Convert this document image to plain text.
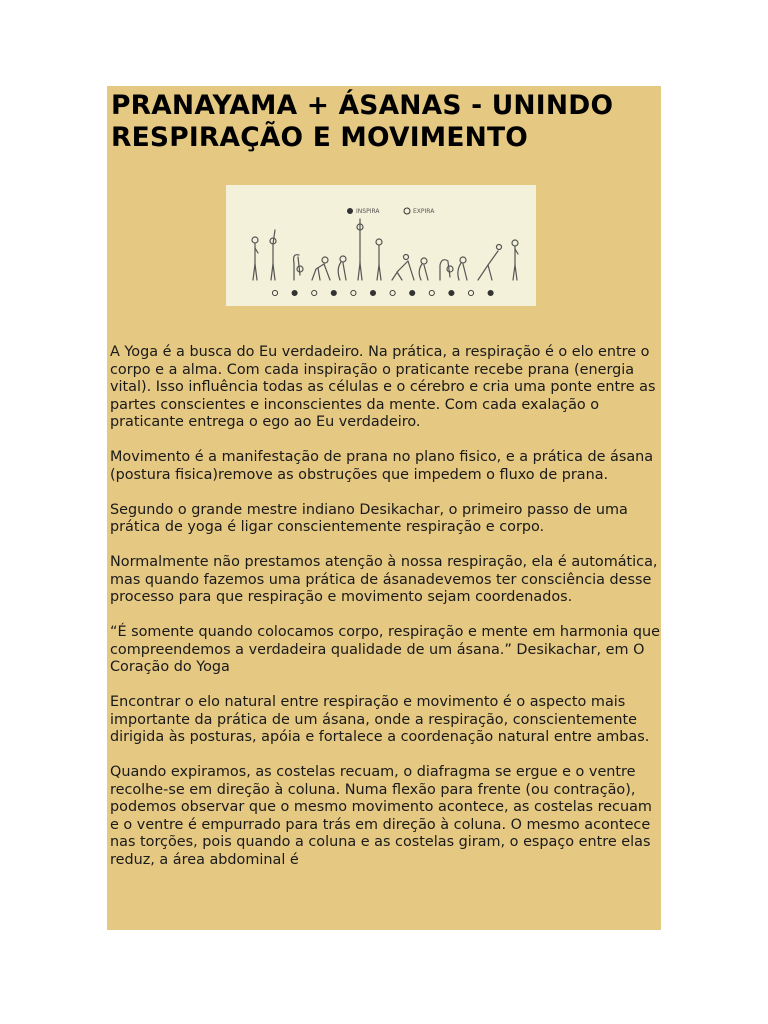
PRANAYAMA + ÁSANAS - UNINDO RESPIRAÇÃO E MOVIMENTO
INSPIRA	EXPIRA

A Yoga é a busca do Eu verdadeiro. Na prática, a respiração é o elo entre o corpo e a alma. Com cada inspiração o praticante recebe prana (energia vital). Isso influência todas as células e o cérebro e cria uma ponte entre as partes conscientes e inconscientes da mente. Com cada exalação o praticante entrega o ego ao Eu verdadeiro.

Movimento é a manifestação de prana no plano fisico, e a prática de ásana (postura fisica)remove as obstruções que impedem o fluxo de prana.

Segundo o grande mestre indiano Desikachar, o primeiro passo de uma prática de yoga é ligar conscientemente respiração e corpo.

Normalmente não prestamos atenção à nossa respiração, ela é automática, mas quando fazemos uma prática de ásanadevemos ter consciência desse processo para que respiração e movimento sejam coordenados.

“É somente quando colocamos corpo, respiração e mente em harmonia que compreendemos a verdadeira qualidade de um ásana.” Desikachar, em O Coração do Yoga

Encontrar o elo natural entre respiração e movimento é o aspecto mais importante da prática de um ásana, onde a respiração, conscientemente dirigida às posturas, apóia e fortalece a coordenação natural entre ambas.

Quando expiramos, as costelas recuam, o diafragma se ergue e o ventre recolhe-se em direção à coluna. Numa flexão para frente (ou contração), podemos observar que o mesmo movimento acontece, as costelas recuam e o ventre é empurrado para trás em direção à coluna. O mesmo acontece nas torções, pois quando a coluna e as costelas giram, o espaço entre elas reduz, a área abdominal é
